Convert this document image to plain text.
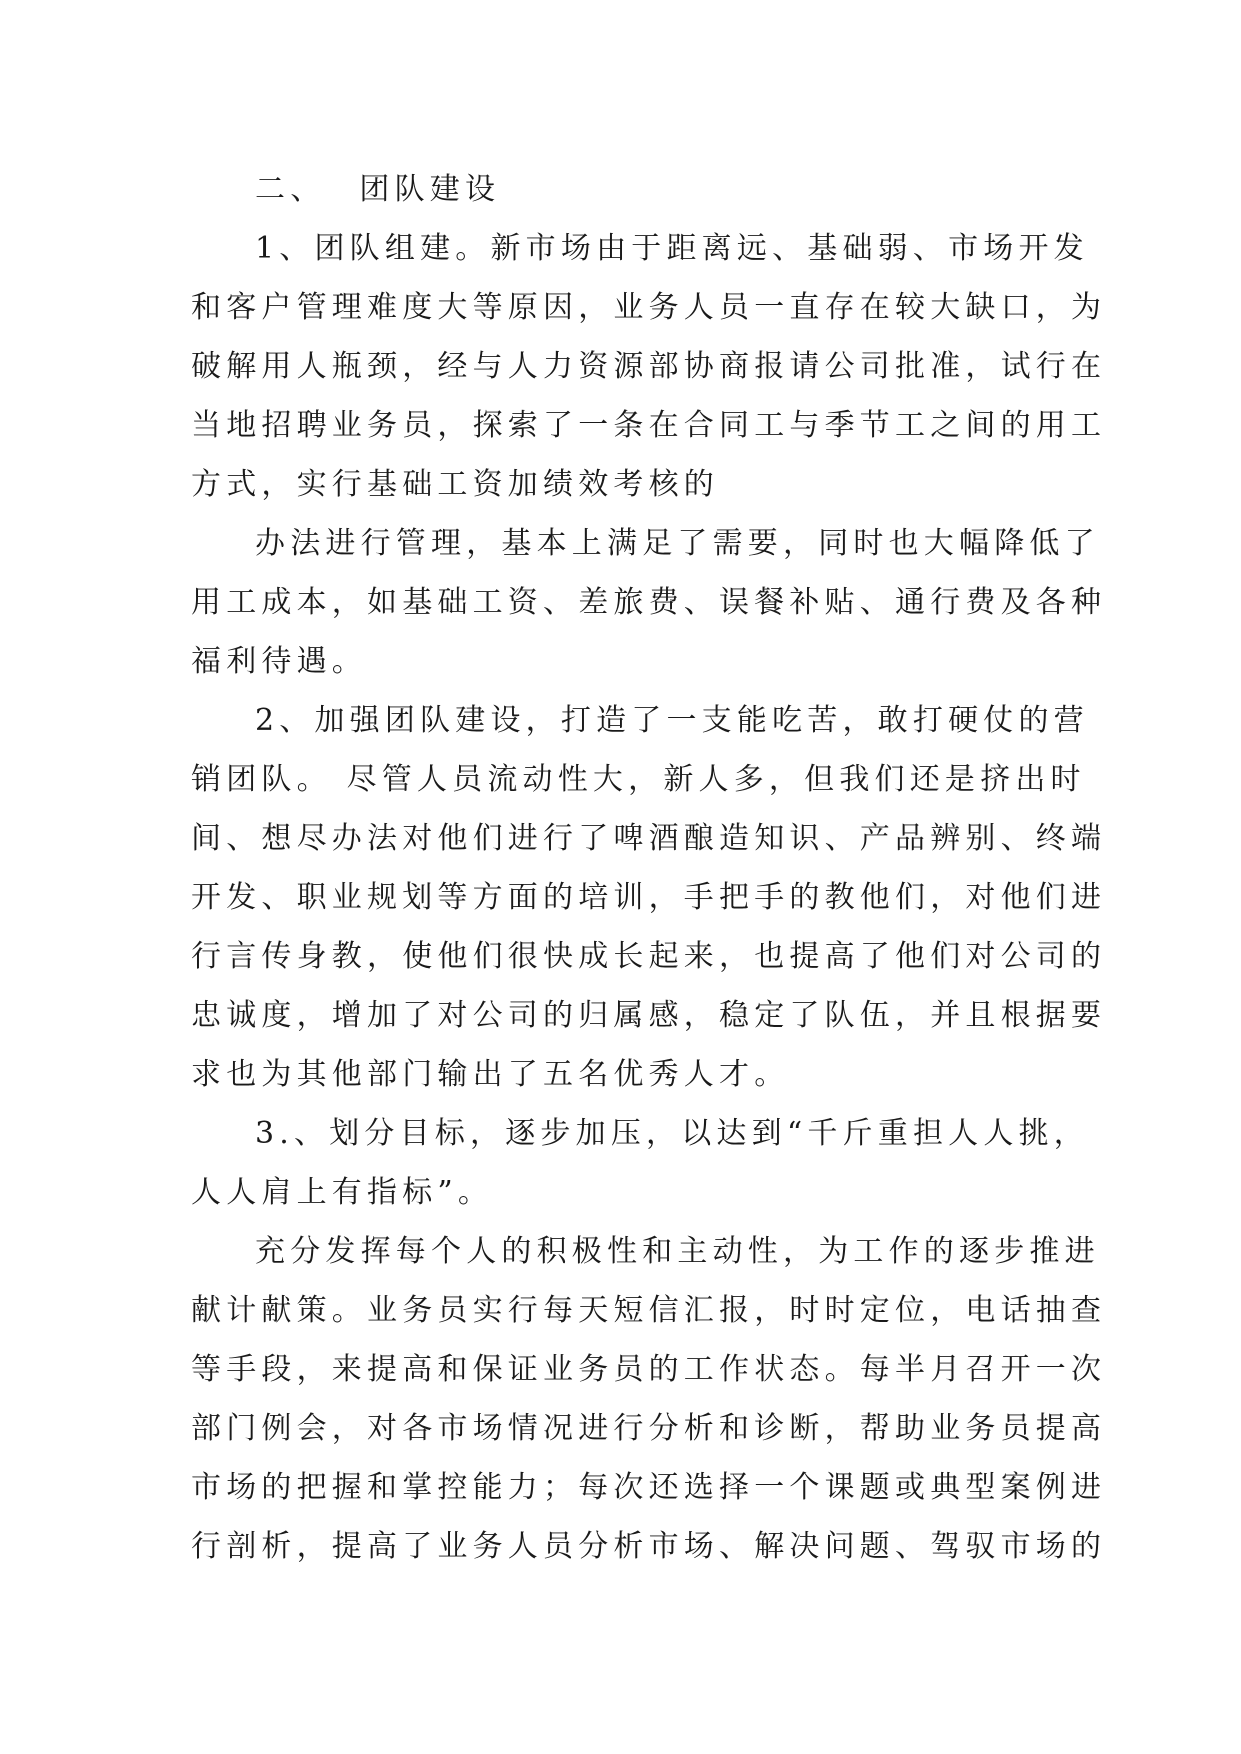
二、 团队建设
1、团队组建。新市场由于距离远、基础弱、市场开发
和客户管理难度大等原因，业务人员一直存在较大缺口，为
破解用人瓶颈，经与人力资源部协商报请公司批准，试行在
当地招聘业务员，探索了一条在合同工与季节工之间的用工
方式，实行基础工资加绩效考核的
办法进行管理，基本上满足了需要，同时也大幅降低了
用工成本，如基础工资、差旅费、误餐补贴、通行费及各种
福利待遇。
2、加强团队建设，打造了一支能吃苦，敢打硬仗的营
销团队。 尽管人员流动性大，新人多，但我们还是挤出时
间、想尽办法对他们进行了啤酒酿造知识、产品辨别、终端
开发、职业规划等方面的培训，手把手的教他们，对他们进
行言传身教，使他们很快成长起来，也提高了他们对公司的
忠诚度，增加了对公司的归属感，稳定了队伍，并且根据要
求也为其他部门输出了五名优秀人才。
3.、划分目标，逐步加压，以达到“千斤重担人人挑，
人人肩上有指标”。
充分发挥每个人的积极性和主动性，为工作的逐步推进
献计献策。业务员实行每天短信汇报，时时定位，电话抽查
等手段，来提高和保证业务员的工作状态。每半月召开一次
部门例会，对各市场情况进行分析和诊断，帮助业务员提高
市场的把握和掌控能力；每次还选择一个课题或典型案例进
行剖析，提高了业务人员分析市场、解决问题、驾驭市场的
